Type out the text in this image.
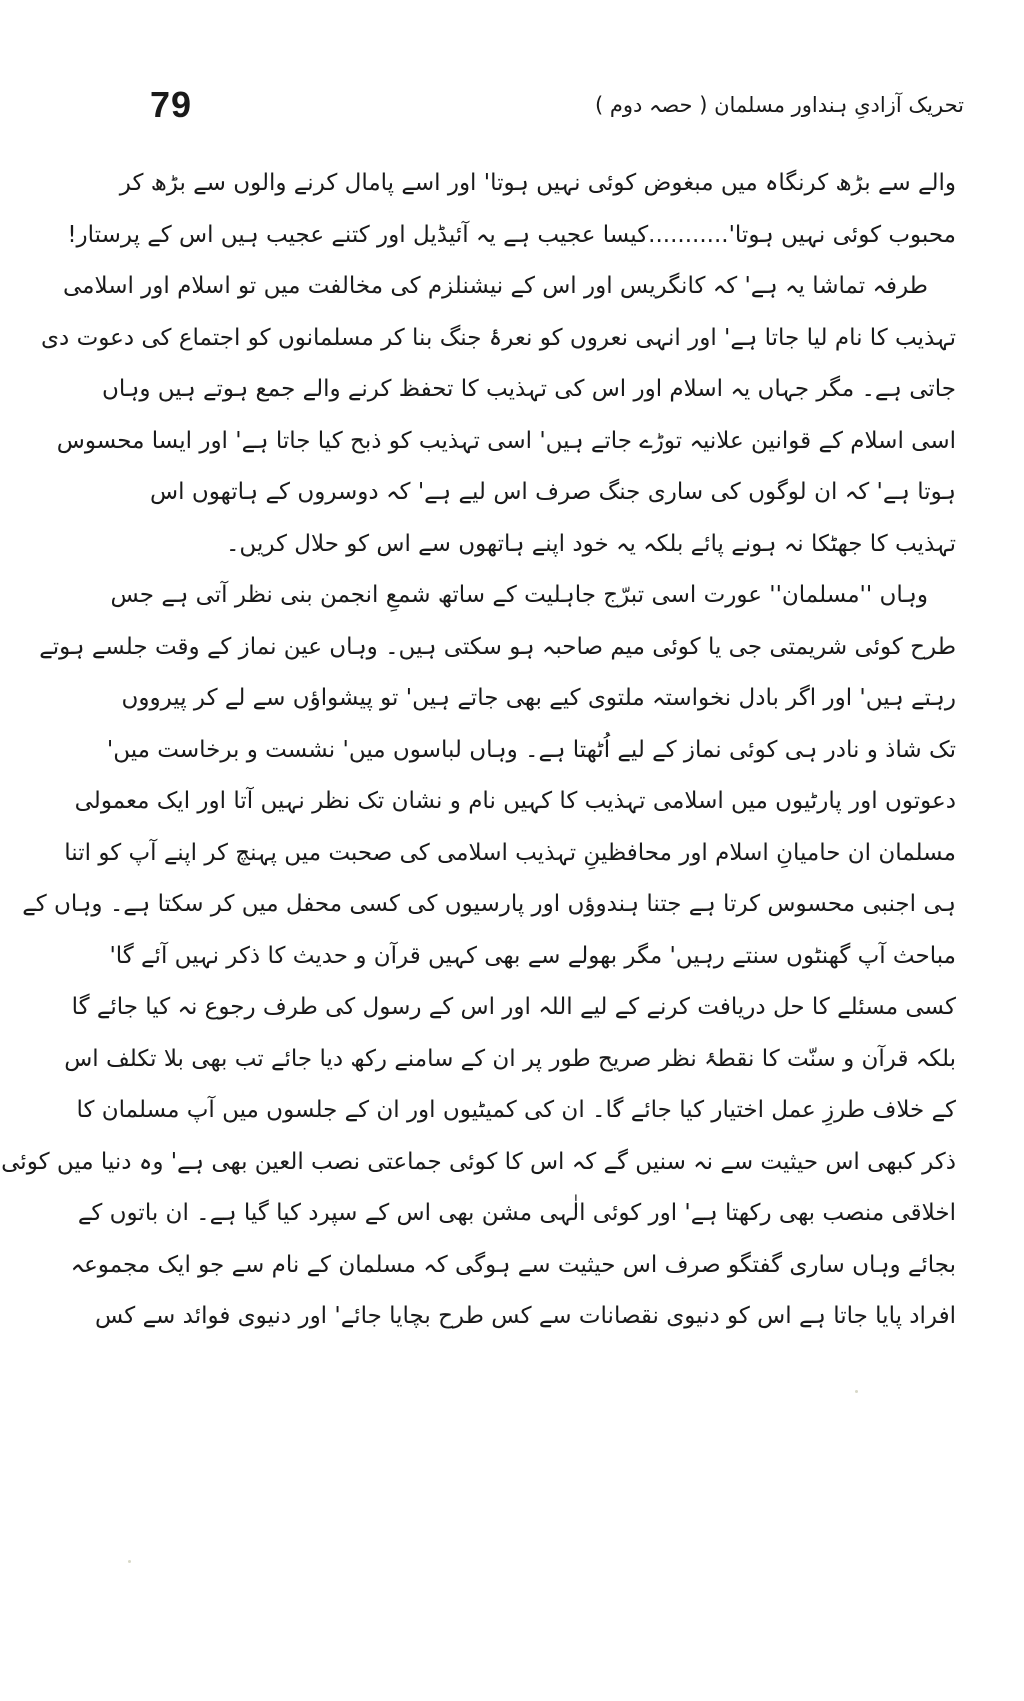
79	تحریک آزادیِ ہنداور مسلمان ( حصہ دوم )
والے سے بڑھ کرنگاہ میں مبغوض کوئی نہیں ہوتا' اور اسے پامال کرنے والوں سے بڑھ کر
محبوب کوئی نہیں ہوتا'...........کیسا عجیب ہے یہ آئیڈیل اور کتنے عجیب ہیں اس کے پرستار!
طرفہ تماشا یہ ہے' کہ کانگریس اور اس کے نیشنلزم کی مخالفت میں تو اسلام اور اسلامی
تہذیب کا نام لیا جاتا ہے' اور انہی نعروں کو نعرۂ جنگ بنا کر مسلمانوں کو اجتماع کی دعوت دی
جاتی ہے۔ مگر جہاں یہ اسلام اور اس کی تہذیب کا تحفظ کرنے والے جمع ہوتے ہیں وہاں
اسی اسلام کے قوانین علانیہ توڑے جاتے ہیں' اسی تہذیب کو ذبح کیا جاتا ہے' اور ایسا محسوس
ہوتا ہے' کہ ان لوگوں کی ساری جنگ صرف اس لیے ہے' کہ دوسروں کے ہاتھوں اس
تہذیب کا جھٹکا نہ ہونے پائے بلکہ یہ خود اپنے ہاتھوں سے اس کو حلال کریں۔
وہاں ''مسلمان'' عورت اسی تبرّج جاہلیت کے ساتھ شمعِ انجمن بنی نظر آتی ہے جس
طرح کوئی شریمتی جی یا کوئی میم صاحبہ ہو سکتی ہیں۔ وہاں عین نماز کے وقت جلسے ہوتے
رہتے ہیں' اور اگر بادل نخواستہ ملتوی کیے بھی جاتے ہیں' تو پیشواؤں سے لے کر پیرووں
تک شاذ و نادر ہی کوئی نماز کے لیے اُٹھتا ہے۔ وہاں لباسوں میں' نشست و برخاست میں'
دعوتوں اور پارٹیوں میں اسلامی تہذیب کا کہیں نام و نشان تک نظر نہیں آتا اور ایک معمولی
مسلمان ان حامیانِ اسلام اور محافظینِ تہذیب اسلامی کی صحبت میں پہنچ کر اپنے آپ کو اتنا
ہی اجنبی محسوس کرتا ہے جتنا ہندوؤں اور پارسیوں کی کسی محفل میں کر سکتا ہے۔ وہاں کے
مباحث آپ گھنٹوں سنتے رہیں' مگر بھولے سے بھی کہیں قرآن و حدیث کا ذکر نہیں آئے گا'
کسی مسئلے کا حل دریافت کرنے کے لیے اللہ اور اس کے رسول کی طرف رجوع نہ کیا جائے گا
بلکہ قرآن و سنّت کا نقطۂ نظر صریح طور پر ان کے سامنے رکھ دیا جائے تب بھی بلا تکلف اس
کے خلاف طرزِ عمل اختیار کیا جائے گا۔ ان کی کمیٹیوں اور ان کے جلسوں میں آپ مسلمان کا
ذکر کبھی اس حیثیت سے نہ سنیں گے کہ اس کا کوئی جماعتی نصب العین بھی ہے' وہ دنیا میں کوئی
اخلاقی منصب بھی رکھتا ہے' اور کوئی الٰہی مشن بھی اس کے سپرد کیا گیا ہے۔ ان باتوں کے
بجائے وہاں ساری گفتگو صرف اس حیثیت سے ہوگی کہ مسلمان کے نام سے جو ایک مجموعہ
افراد پایا جاتا ہے اس کو دنیوی نقصانات سے کس طرح بچایا جائے' اور دنیوی فوائد سے کس
